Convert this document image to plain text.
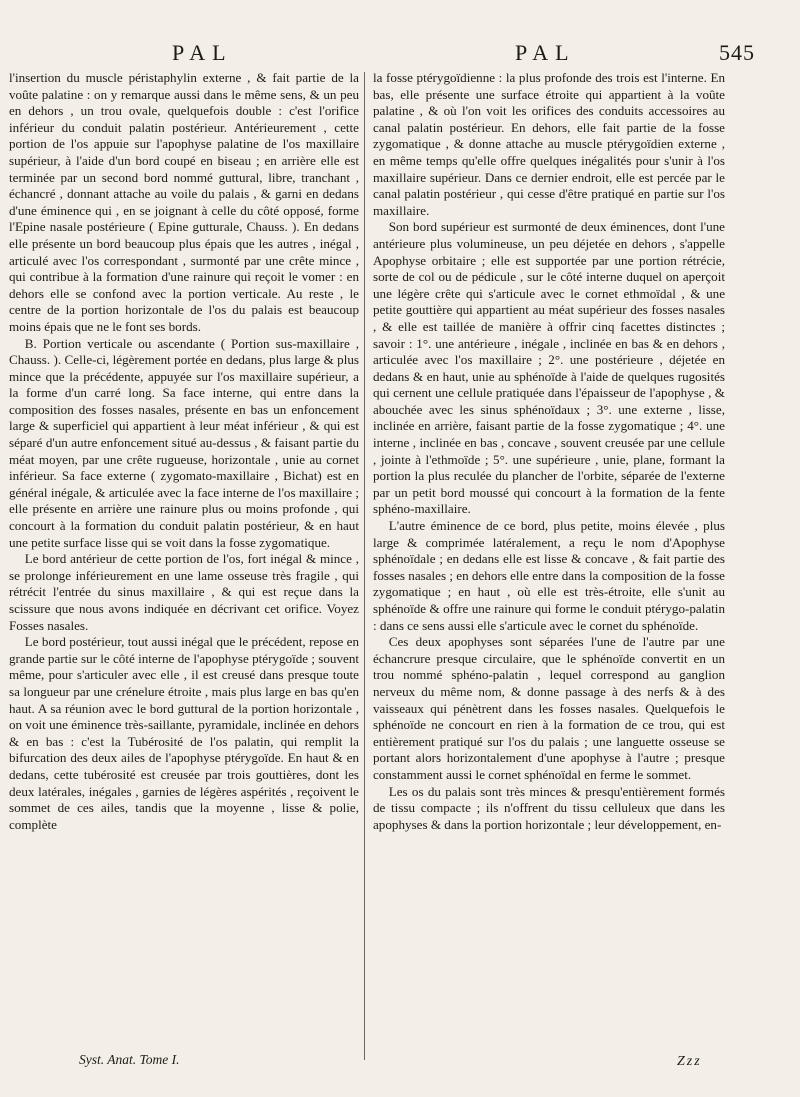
PAL	PAL	545

l'insertion du muscle péristaphylin externe , & fait partie de la voûte palatine : on y remarque aussi dans le même sens, & un peu en dehors , un trou ovale, quelquefois double : c'est l'orifice inférieur du conduit palatin postérieur. Antérieurement , cette portion de l'os appuie sur l'apophyse palatine de l'os maxillaire supérieur, à l'aide d'un bord coupé en biseau ; en arrière elle est terminée par un second bord nommé guttural, libre, tranchant , échancré , donnant attache au voile du palais , & garni en dedans d'une éminence qui , en se joignant à celle du côté opposé, forme l'Epine nasale postérieure ( Epine gutturale, Chauss. ). En dedans elle présente un bord beaucoup plus épais que les autres , inégal , articulé avec l'os correspondant , surmonté par une crête mince , qui contribue à la formation d'une rainure qui reçoit le vomer : en dehors elle se confond avec la portion verticale. Au reste , le centre de la portion horizontale de l'os du palais est beaucoup moins épais que ne le font ses bords.

B. Portion verticale ou ascendante ( Portion sus-maxillaire , Chauss. ). Celle-ci, légèrement portée en dedans, plus large & plus mince que la précédente, appuyée sur l'os maxillaire supérieur, a la forme d'un carré long. Sa face interne, qui entre dans la composition des fosses nasales, présente en bas un enfoncement large & superficiel qui appartient à leur méat inférieur , & qui est séparé d'un autre enfoncement situé au-dessus , & faisant partie du méat moyen, par une crête rugueuse, horizontale , unie au cornet inférieur. Sa face externe ( zygomato-maxillaire , Bichat) est en général inégale, & articulée avec la face interne de l'os maxillaire ; elle présente en arrière une rainure plus ou moins profonde , qui concourt à la formation du conduit palatin postérieur, & en haut une petite surface lisse qui se voit dans la fosse zygomatique.

Le bord antérieur de cette portion de l'os, fort inégal & mince , se prolonge inférieurement en une lame osseuse très fragile , qui rétrécit l'entrée du sinus maxillaire , & qui est reçue dans la scissure que nous avons indiquée en décrivant cet orifice. Voyez Fosses nasales.

Le bord postérieur, tout aussi inégal que le précédent, repose en grande partie sur le côté interne de l'apophyse ptérygoïde ; souvent même, pour s'articuler avec elle , il est creusé dans presque toute sa longueur par une crénelure étroite , mais plus large en bas qu'en haut. A sa réunion avec le bord guttural de la portion horizontale , on voit une éminence très-saillante, pyramidale, inclinée en dehors & en bas : c'est la Tubérosité de l'os palatin, qui remplit la bifurcation des deux ailes de l'apophyse ptérygoïde. En haut & en dedans, cette tubérosité est creusée par trois gouttières, dont les deux latérales, inégales , garnies de légères aspérités , reçoivent le sommet de ces ailes, tandis que la moyenne , lisse & polie, complète

la fosse ptérygoïdienne : la plus profonde des trois est l'interne. En bas, elle présente une surface étroite qui appartient à la voûte palatine , & où l'on voit les orifices des conduits accessoires au canal palatin postérieur. En dehors, elle fait partie de la fosse zygomatique , & donne attache au muscle ptérygoïdien externe , en même temps qu'elle offre quelques inégalités pour s'unir à l'os maxillaire supérieur. Dans ce dernier endroit, elle est percée par le canal palatin postérieur , qui cesse d'être pratiqué en partie sur l'os maxillaire.

Son bord supérieur est surmonté de deux éminences, dont l'une antérieure plus volumineuse, un peu déjetée en dehors , s'appelle Apophyse orbitaire ; elle est supportée par une portion rétrécie, sorte de col ou de pédicule , sur le côté interne duquel on aperçoit une légère crête qui s'articule avec le cornet ethmoïdal , & une petite gouttière qui appartient au méat supérieur des fosses nasales , & elle est taillée de manière à offrir cinq facettes distinctes ; savoir : 1°. une antérieure , inégale , inclinée en bas & en dehors , articulée avec l'os maxillaire ; 2°. une postérieure , déjetée en dedans & en haut, unie au sphénoïde à l'aide de quelques rugosités qui cernent une cellule pratiquée dans l'épaisseur de l'apophyse , & abouchée avec les sinus sphénoïdaux ; 3°. une externe , lisse, inclinée en arrière, faisant partie de la fosse zygomatique ; 4°. une interne , inclinée en bas , concave , souvent creusée par une cellule , jointe à l'ethmoïde ; 5°. une supérieure , unie, plane, formant la portion la plus reculée du plancher de l'orbite, séparée de l'externe par un petit bord moussé qui concourt à la formation de la fente sphéno-maxillaire.

L'autre éminence de ce bord, plus petite, moins élevée , plus large & comprimée latéralement, a reçu le nom d'Apophyse sphénoïdale ; en dedans elle est lisse & concave , & fait partie des fosses nasales ; en dehors elle entre dans la composition de la fosse zygomatique ; en haut , où elle est très-étroite, elle s'unit au sphénoïde & offre une rainure qui forme le conduit ptérygo-palatin : dans ce sens aussi elle s'articule avec le cornet du sphénoïde.

Ces deux apophyses sont séparées l'une de l'autre par une échancrure presque circulaire, que le sphénoïde convertit en un trou nommé sphéno-palatin , lequel correspond au ganglion nerveux du même nom, & donne passage à des nerfs & à des vaisseaux qui pénètrent dans les fosses nasales. Quelquefois le sphénoïde ne concourt en rien à la formation de ce trou, qui est entièrement pratiqué sur l'os du palais ; une languette osseuse se portant alors horizontalement d'une apophyse à l'autre ; presque constamment aussi le cornet sphénoïdal en ferme le sommet.

Les os du palais sont très minces & presqu'entièrement formés de tissu compacte ; ils n'offrent du tissu celluleux que dans les apophyses & dans la portion horizontale ; leur développement, en-

Syst. Anat. Tome I.	Zzz
